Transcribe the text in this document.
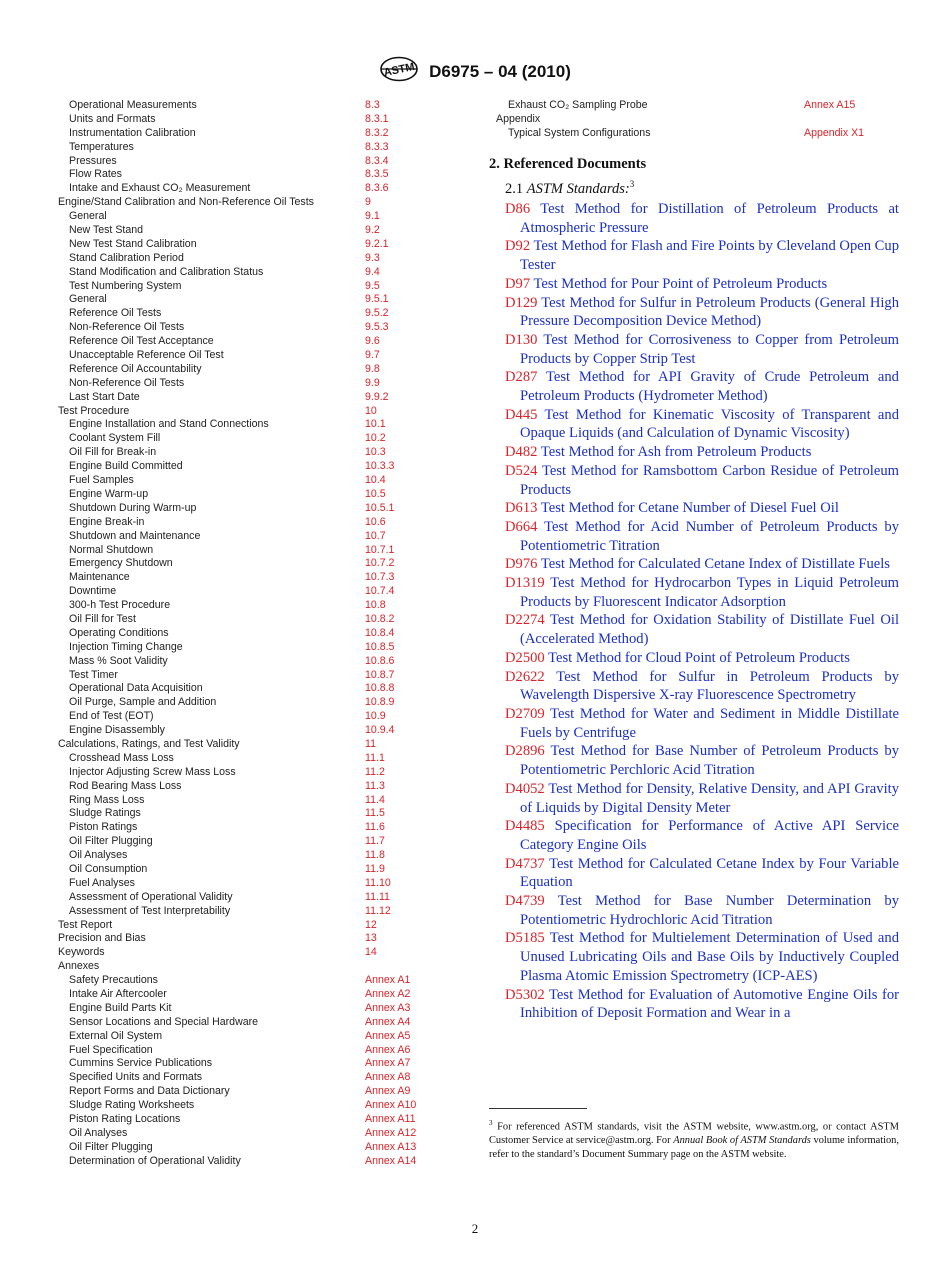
ASTM D6975 – 04 (2010)
Operational Measurements	8.3
Units and Formats	8.3.1
Instrumentation Calibration	8.3.2
Temperatures	8.3.3
Pressures	8.3.4
Flow Rates	8.3.5
Intake and Exhaust CO₂ Measurement	8.3.6
Engine/Stand Calibration and Non-Reference Oil Tests	9
General	9.1
New Test Stand	9.2
New Test Stand Calibration	9.2.1
Stand Calibration Period	9.3
Stand Modification and Calibration Status	9.4
Test Numbering System	9.5
General	9.5.1
Reference Oil Tests	9.5.2
Non-Reference Oil Tests	9.5.3
Reference Oil Test Acceptance	9.6
Unacceptable Reference Oil Test	9.7
Reference Oil Accountability	9.8
Non-Reference Oil Tests	9.9
Last Start Date	9.9.2
Test Procedure	10
Engine Installation and Stand Connections	10.1
Coolant System Fill	10.2
Oil Fill for Break-in	10.3
Engine Build Committed	10.3.3
Fuel Samples	10.4
Engine Warm-up	10.5
Shutdown During Warm-up	10.5.1
Engine Break-in	10.6
Shutdown and Maintenance	10.7
Normal Shutdown	10.7.1
Emergency Shutdown	10.7.2
Maintenance	10.7.3
Downtime	10.7.4
300-h Test Procedure	10.8
Oil Fill for Test	10.8.2
Operating Conditions	10.8.4
Injection Timing Change	10.8.5
Mass % Soot Validity	10.8.6
Test Timer	10.8.7
Operational Data Acquisition	10.8.8
Oil Purge, Sample and Addition	10.8.9
End of Test (EOT)	10.9
Engine Disassembly	10.9.4
Calculations, Ratings, and Test Validity	11
Crosshead Mass Loss	11.1
Injector Adjusting Screw Mass Loss	11.2
Rod Bearing Mass Loss	11.3
Ring Mass Loss	11.4
Sludge Ratings	11.5
Piston Ratings	11.6
Oil Filter Plugging	11.7
Oil Analyses	11.8
Oil Consumption	11.9
Fuel Analyses	11.10
Assessment of Operational Validity	11.11
Assessment of Test Interpretability	11.12
Test Report	12
Precision and Bias	13
Keywords	14
Annexes
Safety Precautions	Annex A1
Intake Air Aftercooler	Annex A2
Engine Build Parts Kit	Annex A3
Sensor Locations and Special Hardware	Annex A4
External Oil System	Annex A5
Fuel Specification	Annex A6
Cummins Service Publications	Annex A7
Specified Units and Formats	Annex A8
Report Forms and Data Dictionary	Annex A9
Sludge Rating Worksheets	Annex A10
Piston Rating Locations	Annex A11
Oil Analyses	Annex A12
Oil Filter Plugging	Annex A13
Determination of Operational Validity	Annex A14
Exhaust CO₂ Sampling Probe	Annex A15
Appendix
Typical System Configurations	Appendix X1
2. Referenced Documents
2.1 ASTM Standards:$^3$
D86 Test Method for Distillation of Petroleum Products at Atmospheric Pressure
D92 Test Method for Flash and Fire Points by Cleveland Open Cup Tester
D97 Test Method for Pour Point of Petroleum Products
D129 Test Method for Sulfur in Petroleum Products (General High Pressure Decomposition Device Method)
D130 Test Method for Corrosiveness to Copper from Petroleum Products by Copper Strip Test
D287 Test Method for API Gravity of Crude Petroleum and Petroleum Products (Hydrometer Method)
D445 Test Method for Kinematic Viscosity of Transparent and Opaque Liquids (and Calculation of Dynamic Viscosity)
D482 Test Method for Ash from Petroleum Products
D524 Test Method for Ramsbottom Carbon Residue of Petroleum Products
D613 Test Method for Cetane Number of Diesel Fuel Oil
D664 Test Method for Acid Number of Petroleum Products by Potentiometric Titration
D976 Test Method for Calculated Cetane Index of Distillate Fuels
D1319 Test Method for Hydrocarbon Types in Liquid Petroleum Products by Fluorescent Indicator Adsorption
D2274 Test Method for Oxidation Stability of Distillate Fuel Oil (Accelerated Method)
D2500 Test Method for Cloud Point of Petroleum Products
D2622 Test Method for Sulfur in Petroleum Products by Wavelength Dispersive X-ray Fluorescence Spectrometry
D2709 Test Method for Water and Sediment in Middle Distillate Fuels by Centrifuge
D2896 Test Method for Base Number of Petroleum Products by Potentiometric Perchloric Acid Titration
D4052 Test Method for Density, Relative Density, and API Gravity of Liquids by Digital Density Meter
D4485 Specification for Performance of Active API Service Category Engine Oils
D4737 Test Method for Calculated Cetane Index by Four Variable Equation
D4739 Test Method for Base Number Determination by Potentiometric Hydrochloric Acid Titration
D5185 Test Method for Multielement Determination of Used and Unused Lubricating Oils and Base Oils by Inductively Coupled Plasma Atomic Emission Spectrometry (ICP-AES)
D5302 Test Method for Evaluation of Automotive Engine Oils for Inhibition of Deposit Formation and Wear in a
$^3$ For referenced ASTM standards, visit the ASTM website, www.astm.org, or contact ASTM Customer Service at service@astm.org. For Annual Book of ASTM Standards volume information, refer to the standard’s Document Summary page on the ASTM website.
2
